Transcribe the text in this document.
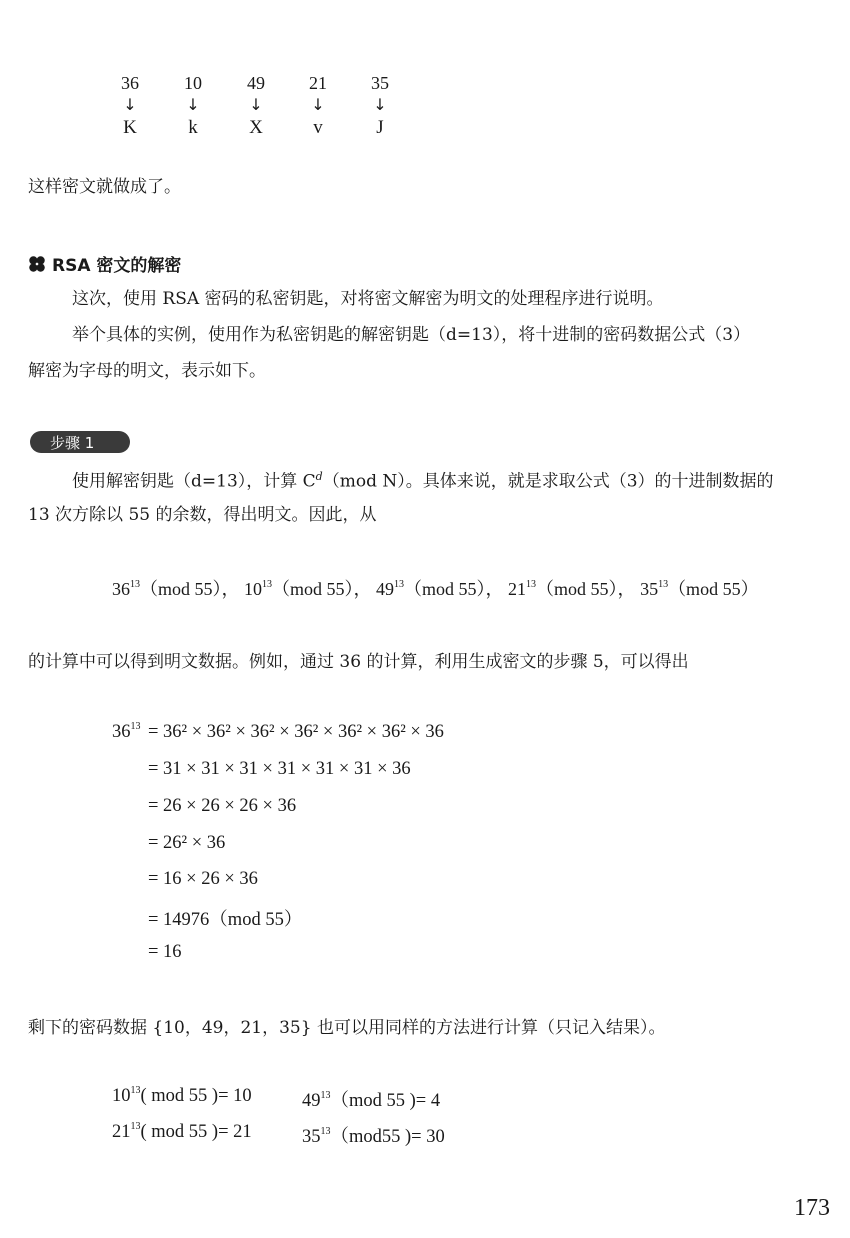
36
↓
K
10
↓
k
49
↓
X
21
↓
v
35
↓
J
这样密文就做成了。
RSA 密文的解密
这次，使用 RSA 密码的私密钥匙，对将密文解密为明文的处理程序进行说明。
举个具体的实例，使用作为私密钥匙的解密钥匙（d=13），将十进制的密码数据公式（3）
解密为字母的明文，表示如下。
步骤 1
使用解密钥匙（d=13），计算 $C^d(mod$ N）。具体来说，就是求取公式（3）的十进制数据的
13 次方除以 55 的余数，得出明文。因此，从
$36^{13}(mod$ 55）， $10^{13}(mod$ 55）， $49^{13}(mod$ 55）， $21^{13}(mod$ 55）， $35^{13}(mod$ 55）
的计算中可以得到明文数据。例如，通过 36 的计算，利用生成密文的步骤 5，可以得出
$36^{13} = 36^2 \times 36^2 \times 36^2 \times 36^2 \times 36^2 \times 36^2 \times 36$
= 31 × 31 × 31 × 31 × 31 × 31 × 36
= 26 × 26 × 26 × 36
= 26² × 36
= 16 × 26 × 36
= 14976（mod 55）
= 16
剩下的密码数据 {10，49，21，35} 也可以用同样的方法进行计算（只记入结果）。
$10^{13}$( mod 55 )= 10	$49^{13}(mod$ 55 )= 4
$21^{13}$( mod 55 )= 21	$35^{13}(mod55$ )= 30
173
